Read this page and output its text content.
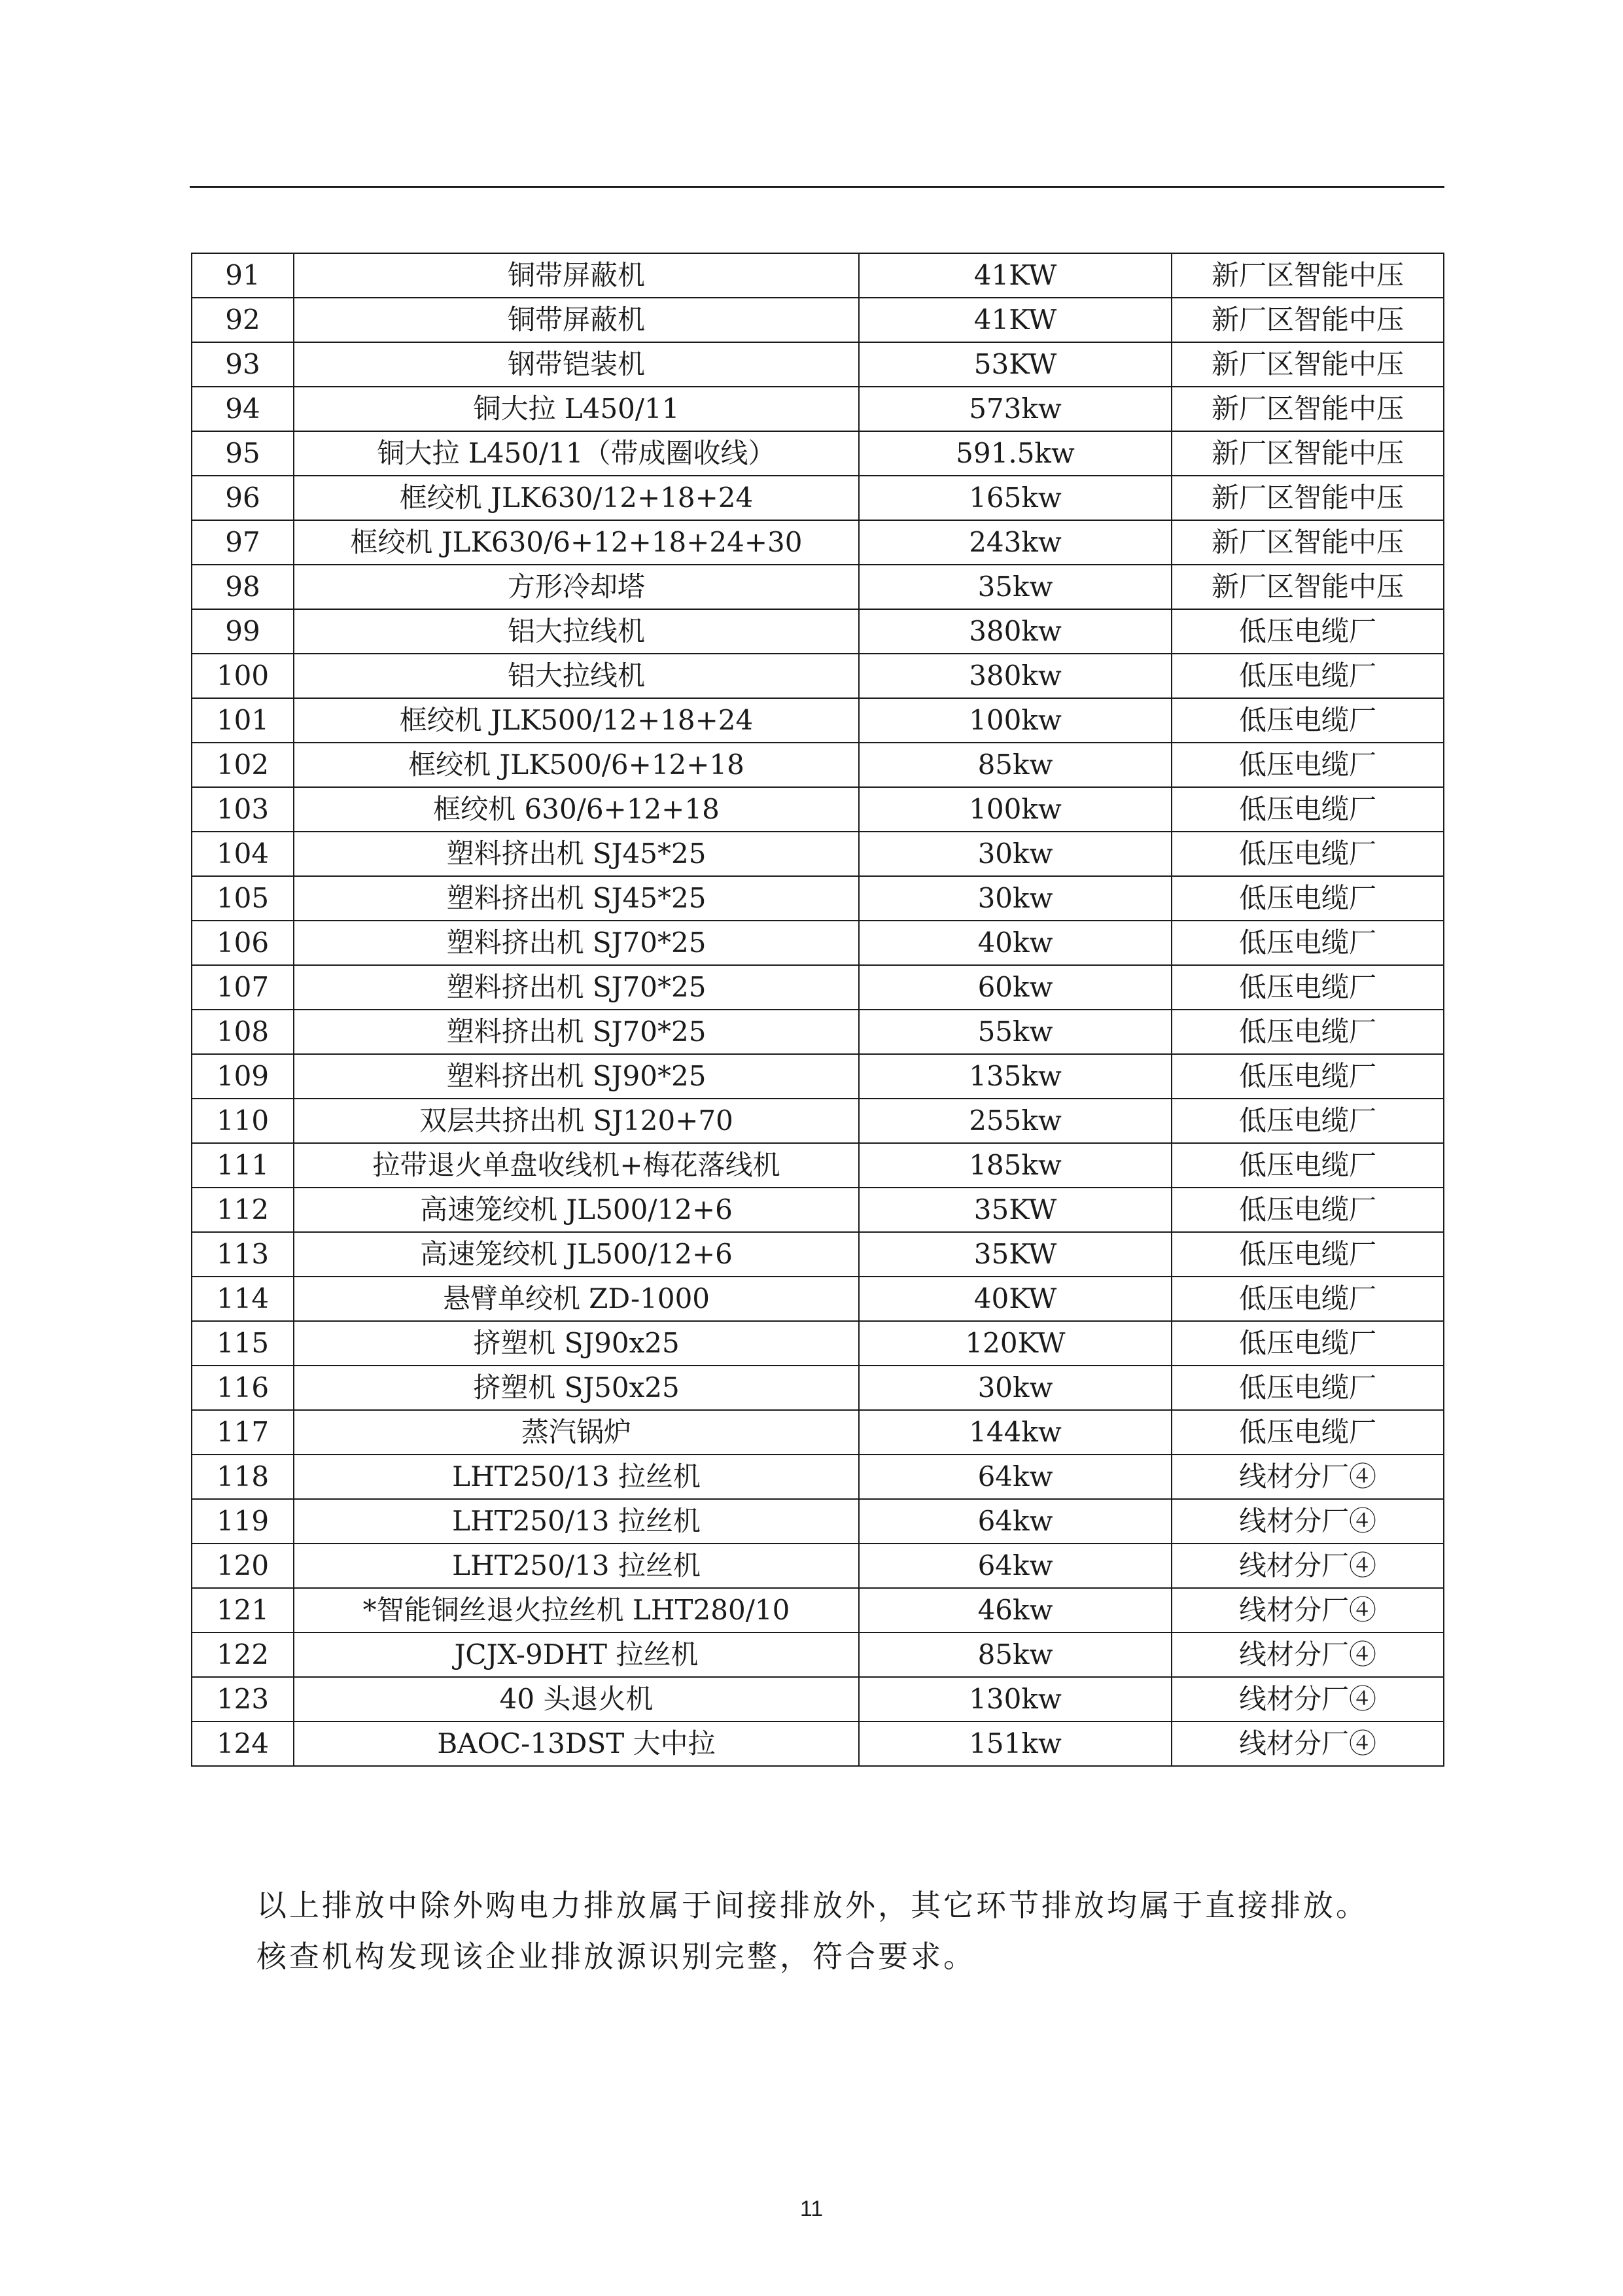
91	铜带屏蔽机	41KW	新厂区智能中压
92	铜带屏蔽机	41KW	新厂区智能中压
93	钢带铠装机	53KW	新厂区智能中压
94	铜大拉 L450/11	573kw	新厂区智能中压
95	铜大拉 L450/11（带成圈收线）	591.5kw	新厂区智能中压
96	框绞机 JLK630/12+18+24	165kw	新厂区智能中压
97	框绞机 JLK630/6+12+18+24+30	243kw	新厂区智能中压
98	方形冷却塔	35kw	新厂区智能中压
99	铝大拉线机	380kw	低压电缆厂
100	铝大拉线机	380kw	低压电缆厂
101	框绞机 JLK500/12+18+24	100kw	低压电缆厂
102	框绞机 JLK500/6+12+18	85kw	低压电缆厂
103	框绞机 630/6+12+18	100kw	低压电缆厂
104	塑料挤出机 SJ45*25	30kw	低压电缆厂
105	塑料挤出机 SJ45*25	30kw	低压电缆厂
106	塑料挤出机 SJ70*25	40kw	低压电缆厂
107	塑料挤出机 SJ70*25	60kw	低压电缆厂
108	塑料挤出机 SJ70*25	55kw	低压电缆厂
109	塑料挤出机 SJ90*25	135kw	低压电缆厂
110	双层共挤出机 SJ120+70	255kw	低压电缆厂
111	拉带退火单盘收线机+梅花落线机	185kw	低压电缆厂
112	高速笼绞机 JL500/12+6	35KW	低压电缆厂
113	高速笼绞机 JL500/12+6	35KW	低压电缆厂
114	悬臂单绞机 ZD-1000	40KW	低压电缆厂
115	挤塑机 SJ90x25	120KW	低压电缆厂
116	挤塑机 SJ50x25	30kw	低压电缆厂
117	蒸汽锅炉	144kw	低压电缆厂
118	LHT250/13 拉丝机	64kw	线材分厂④
119	LHT250/13 拉丝机	64kw	线材分厂④
120	LHT250/13 拉丝机	64kw	线材分厂④
121	*智能铜丝退火拉丝机 LHT280/10	46kw	线材分厂④
122	JCJX-9DHT 拉丝机	85kw	线材分厂④
123	40 头退火机	130kw	线材分厂④
124	BAOC-13DST 大中拉	151kw	线材分厂④
以上排放中除外购电力排放属于间接排放外，其它环节排放均属于直接排放。
核查机构发现该企业排放源识别完整，符合要求。
11
